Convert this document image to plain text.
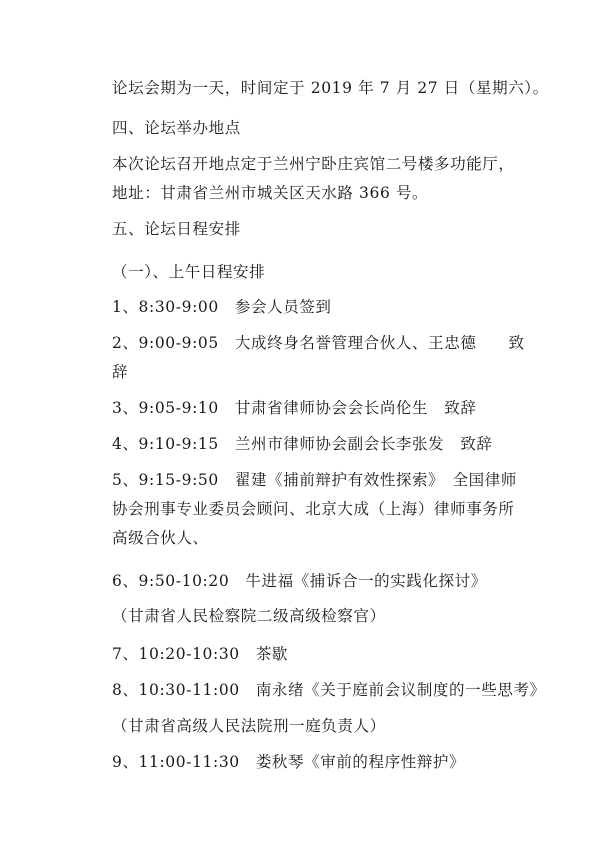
论坛会期为一天，时间定于 2019 年 7 月 27 日（星期六）。
四、论坛举办地点
本次论坛召开地点定于兰州宁卧庄宾馆二号楼多功能厅，
地址：甘肃省兰州市城关区天水路 366 号。
五、论坛日程安排
（一）、上午日程安排
1、8:30-9:00　参会人员签到
2、9:00-9:05　大成终身名誉管理合伙人、王忠德　　致
辞
3、9:05-9:10　甘肃省律师协会会长尚伦生　致辞
4、9:10-9:15　兰州市律师协会副会长李张发　致辞
5、9:15-9:50　翟建《捕前辩护有效性探索》　全国律师
协会刑事专业委员会顾问、北京大成（上海）律师事务所
高级合伙人、
6、9:50-10:20　牛进福《捕诉合一的实践化探讨》
（甘肃省人民检察院二级高级检察官）
7、10:20-10:30　茶歇
8、10:30-11:00　南永绪《关于庭前会议制度的一些思考》
（甘肃省高级人民法院刑一庭负责人）
9、11:00-11:30　娄秋琴《审前的程序性辩护》
